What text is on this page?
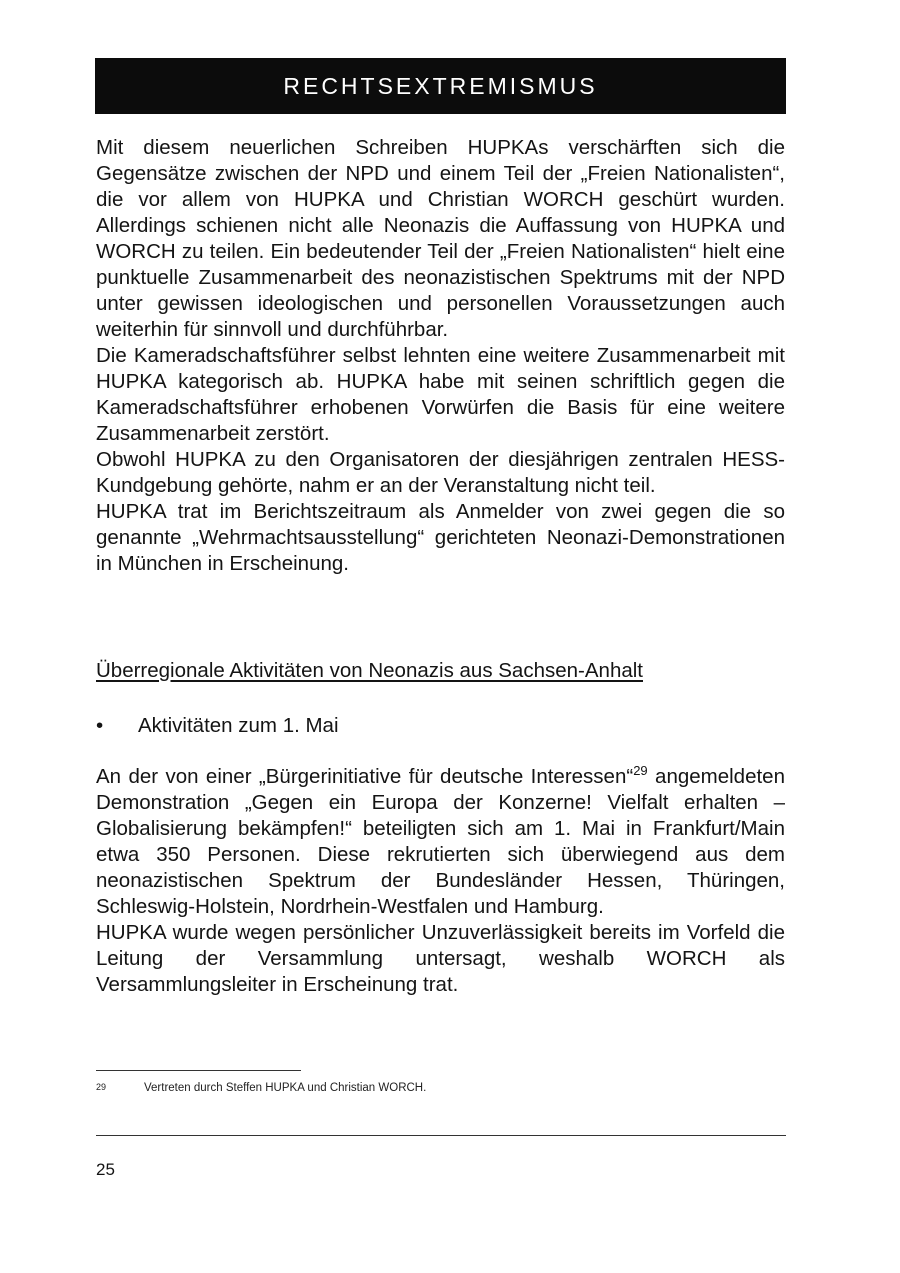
RECHTSEXTREMISMUS

Mit diesem neuerlichen Schreiben HUPKAs verschärften sich die Gegensätze zwischen der NPD und einem Teil der „Freien Nationalisten“, die vor allem von HUPKA und Christian WORCH geschürt wurden. Allerdings schienen nicht alle Neonazis die Auffassung von HUPKA und WORCH zu teilen. Ein bedeutender Teil der „Freien Nationalisten“ hielt eine punktuelle Zusammenarbeit des neonazistischen Spektrums mit der NPD unter gewissen ideologischen und personellen Voraussetzungen auch weiterhin für sinnvoll und durchführbar.

Die Kameradschaftsführer selbst lehnten eine weitere Zusammenarbeit mit HUPKA kategorisch ab. HUPKA habe mit seinen schriftlich gegen die Kameradschaftsführer erhobenen Vorwürfen die Basis für eine weitere Zusammenarbeit zerstört.

Obwohl HUPKA zu den Organisatoren der diesjährigen zentralen HESS-Kundgebung gehörte, nahm er an der Veranstaltung nicht teil.

HUPKA trat im Berichtszeitraum als Anmelder von zwei gegen die so genannte „Wehrmachtsausstellung“ gerichteten Neonazi-Demonstrationen in München in Erscheinung.

Überregionale Aktivitäten von Neonazis aus Sachsen-Anhalt
•	Aktivitäten zum 1. Mai

An der von einer „Bürgerinitiative für deutsche Interessen“$^{29}$ angemeldeten Demonstration „Gegen ein Europa der Konzerne! Vielfalt erhalten – Globalisierung bekämpfen!“ beteiligten sich am 1. Mai in Frankfurt/Main etwa 350 Personen. Diese rekrutierten sich überwiegend aus dem neonazistischen Spektrum der Bundesländer Hessen, Thüringen, Schleswig-Holstein, Nordrhein-Westfalen und Hamburg.

HUPKA wurde wegen persönlicher Unzuverlässigkeit bereits im Vorfeld die Leitung der Versammlung untersagt, weshalb WORCH als Versammlungsleiter in Erscheinung trat.

29	Vertreten durch Steffen HUPKA und Christian WORCH.
25
